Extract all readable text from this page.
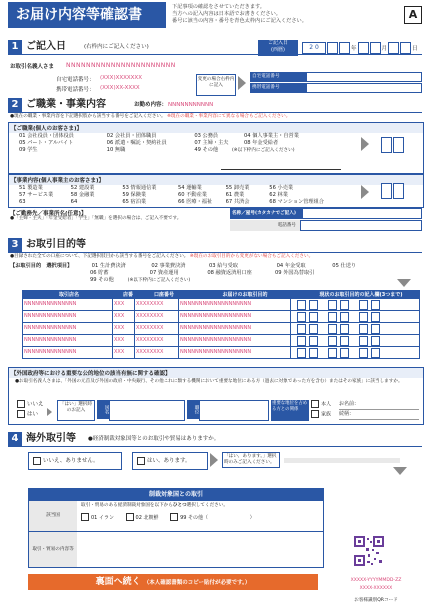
お届け内容等確認書	下記事項の確認をさせていただきます。
当方への記入内容は日本語でお書きください。
番号に該当の内容・番号を青色太枠内にご記入ください。	A
1 ご記入日	(右枠内にご記入ください)
ご記入日
(西暦)	2 0	年	月	日
お取引名義人さま NNNNNNNNNNNNNNNNNNNNNN
自宅電話番号： (XXX)XXXXXXX
携帯電話番号： (XXX)XX-XXXX
変更の場合右枠内に記入
自宅電話番号
携帯電話番号
2 ご職業・事業内容	お勤め内容： NNNNNNNNNNN
●現在の職業・事業内容を下記選択肢から該当する番号をご記入ください。 ※現在の職業・事業内容にて異なる場合もご記入ください。
【ご職業(個人のお客さま)】
01 会社役員・団体役員	02 会社員・団体職員	03 公務員	04 個人事業主・自営業
05 パート・アルバイト	06 派遣・嘱託・契約社員	07 主婦・主夫	08 年金受給者
09 学生	10 無職	49 その他	(※以下枠内にご記入ください)
【事業内容(個人事業主のお客さま)】
51 製造業	52 建設業	53 情報通信業	54 運輸業	55 卸売業	56 小売業
57 サービス業	58 金融業	59 保険業	60 不動産業	61 農業	62 林業
63	64	65 宿泊業	66 医療・福祉	67 共済会	68 マンション管理組合
【ご勤務先／事業所名(任意)】
●「主婦・主夫」「年金受給者」「学生」「無職」を選択の場合は、ご記入不要です。
名称／屋号(カタカナでご記入)
電話番号
3 お取引目的等
●目録された全ての口座について、下記選択肢目から該当する番号をご記入ください。 ※現在のお取引目的から変更がない場合もご記入ください。
【お取引目的　選択項目】	01 生計費決済	02 事業費決済	03 給与受取	04 年金受取	05 仕送り
06 貯蓄	07 資産運用	08 融資返済用口座	09 外国為替取引
99 その他	(※以下枠内にご記入ください)
取引店名	店番	口座番号	お届けのお取引目的	現状のお取引目的の記入欄(3つまで)
NNNNNNNNNNNNNN	XXX	XXXXXXXX	NNNNNNNNNNNNNNNNNNN
NNNNNNNNNNNNNN	XXX	XXXXXXXX	NNNNNNNNNNNNNNNNNNN
NNNNNNNNNNNNNN	XXX	XXXXXXXX	NNNNNNNNNNNNNNNNNNN
NNNNNNNNNNNNNN	XXX	XXXXXXXX	NNNNNNNNNNNNNNNNNNN
NNNNNNNNNNNNNN	XXX	XXXXXXXX	NNNNNNNNNNNNNNNNNNN
【外国政府等における重要な公的地位の該当有無に関する確認】
●お取引名義人さまは、「外国の元首及び外国の政府・中央銀行、その他これに類する機関において重要な地位にある方（過去に対象であった方を含む）またはその家族」に該当しますか。
いいえ
はい
「はい」選択時のお記入	国名	職位
重要な地位を占める方との関係
本人
家族
お名前：
続柄：
4 海外取引等 ●経済制裁対象国等とのお取引や貿易はありますか。
いいえ、ありません。	はい、あります。
「はい、あります。」選択時のみご記入ください。
制裁対象国との取引
該当国
取引・貿易のある経済制裁対象国を以下からひとつ選択してください。
01 イラン	02 北朝鮮	99 その他（	）
取引・貿易の内容等
裏面へ続く （本人確認書類のコピー貼付が必要です。）	XXXXX-YYYYMMDD-ZZ
XXXX-XXXXXX
お客様識別QRコード
